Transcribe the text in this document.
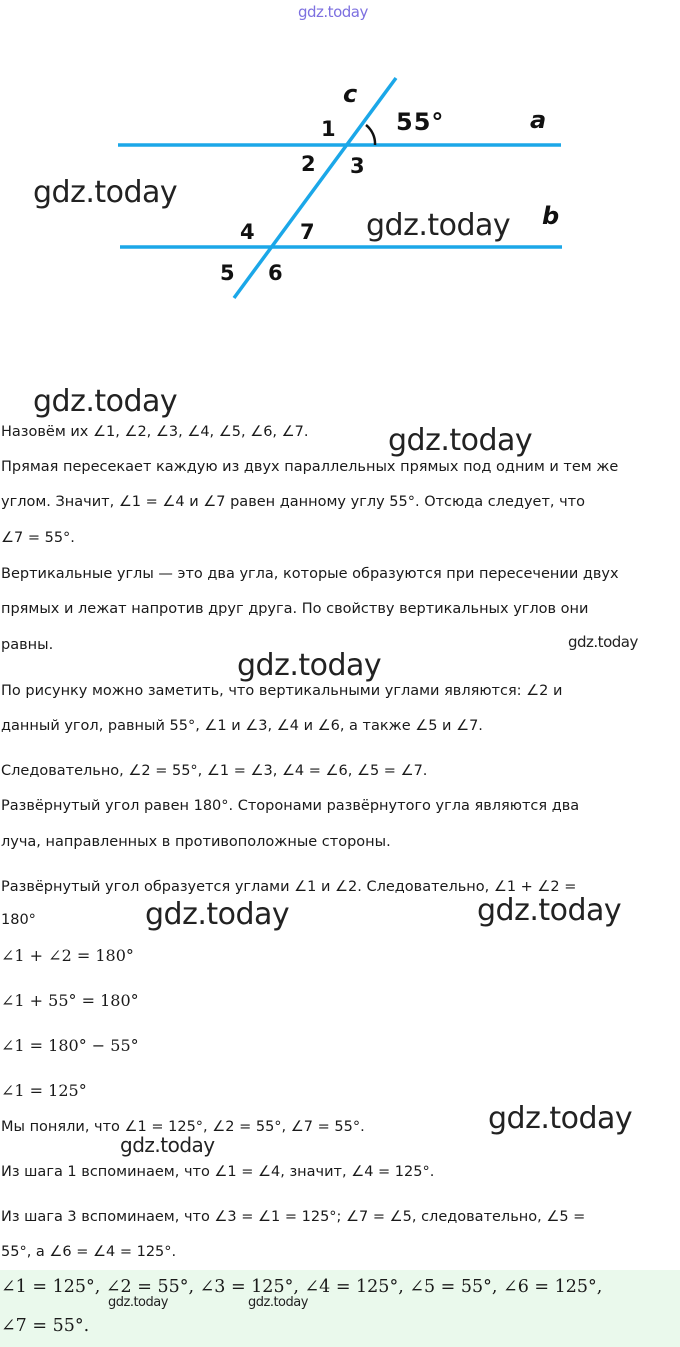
gdz.today
c
a
b
55°
1
2 3
4
5 6
7
gdz.today
gdz.today
gdz.today
Назовём их ∠1, ∠2, ∠3, ∠4, ∠5, ∠6, ∠7.	gdz.today
Прямая пересекает каждую из двух параллельных прямых под одним и тем же
углом. Значит, ∠1 = ∠4 и ∠7 равен данному углу 55°. Отсюда следует, что
∠7 = 55°.
Вертикальные углы — это два угла, которые образуются при пересечении двух
прямых и лежат напротив друг друга. По свойству вертикальных углов они
равны.	gdz.today
gdz.today
По рисунку можно заметить, что вертикальными углами являются: ∠2 и
данный угол, равный 55°, ∠1 и ∠3, ∠4 и ∠6, а также ∠5 и ∠7.
Следовательно, ∠2 = 55°, ∠1 = ∠3, ∠4 = ∠6, ∠5 = ∠7.
Развёрнутый угол равен 180°. Сторонами развёрнутого угла являются два
луча, направленных в противоположные стороны.
Развёрнутый угол образуется углами ∠1 и ∠2. Следовательно, ∠1 + ∠2 =
180°	gdz.today	gdz.today
∠1 + ∠2 = 180°
∠1 + 55° = 180°
∠1 = 180° − 55°
∠1 = 125°
Мы поняли, что ∠1 = 125°, ∠2 = 55°, ∠7 = 55°.	gdz.today
gdz.today
Из шага 1 вспоминаем, что ∠1 = ∠4, значит, ∠4 = 125°.
Из шага 3 вспоминаем, что ∠3 = ∠1 = 125°; ∠7 = ∠5, следовательно, ∠5 =
55°, а ∠6 = ∠4 = 125°.
∠1 = 125°, ∠2 = 55°, ∠3 = 125°, ∠4 = 125°, ∠5 = 55°, ∠6 = 125°,
∠7 = 55°.
gdz.today	gdz.today
